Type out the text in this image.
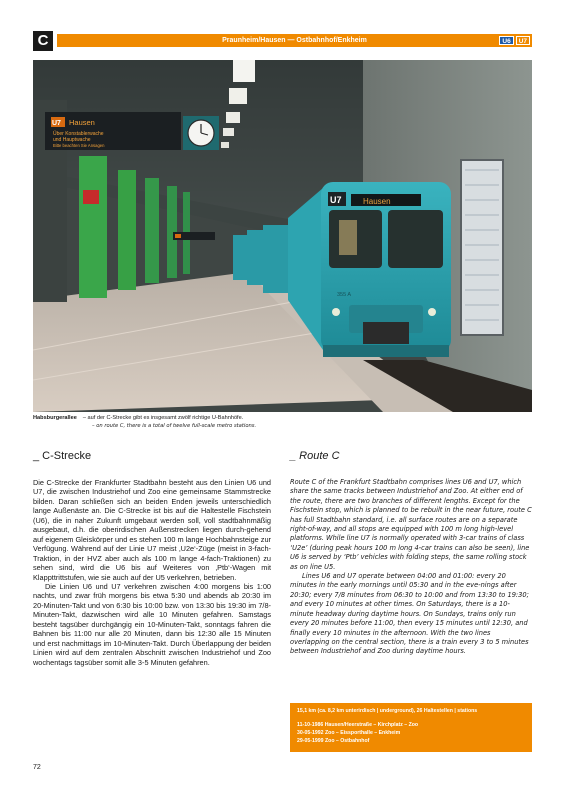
C	Praunheim/Hausen — Ostbahnhof/Enkheim	U6	U7
U7 Hausen
Über Konstablerwache
und Hauptwache
Bitte beachten Sie Ansagen
U7	Hausen
355 A
Habsburgerallee – auf der C-Strecke gibt es insgesamt zwölf richtige U-Bahnhöfe.
– on route C, there is a total of twelve full-scale metro stations.
_ C-Strecke	_ Route C

Die C-Strecke der Frankfurter Stadtbahn besteht aus den Linien U6 und U7, die zwischen Industriehof und Zoo eine gemeinsame Stammstrecke bilden. Daran schließen sich an beiden Enden jeweils unterschiedlich lange Außenäste an. Die C-Strecke ist bis auf die Haltestelle Fischstein (U6), die in naher Zukunft umgebaut werden soll, voll stadtbahnmäßig ausgebaut, d.h. die oberirdischen Außenstrecken liegen durch-gehend auf eigenem Gleiskörper und es stehen 100 m lange Hochbahnsteige zur Verfügung. Während auf der Linie U7 meist ‚U2e‘-Züge (meist in 3-fach-Traktion, in der HVZ aber auch als 100 m lange 4-fach-Traktionen) zu sehen sind, wird die U6 bis auf Weiteres von ‚Ptb‘-Wagen mit Klappttrittstufen, wie sie auch auf der U5 verkehren, betrieben.

Die Linien U6 und U7 verkehren zwischen 4:00 morgens bis 1:00 nachts, und zwar früh morgens bis etwa 5:30 und abends ab 20:30 im 20-Minuten-Takt und von 6:30 bis 10:00 bzw. von 13:30 bis 19:30 im 7/8-Minuten-Takt, dazwischen wird alle 10 Minuten gefahren. Samstags besteht tagsüber durchgängig ein 10-Minuten-Takt, sonntags fahren die Bahnen bis 11:00 nur alle 20 Minuten, dann bis 12:30 alle 15 Minuten und erst nachmittags im 10-Minuten-Takt. Durch Überlappung der beiden Linien wird auf dem zentralen Abschnitt zwischen Industriehof und Zoo wochentags tagsüber somit alle 3-5 Minuten gefahren.

Route C of the Frankfurt Stadtbahn comprises lines U6 and U7, which share the same tracks between Industriehof and Zoo. At either end of the route, there are two branches of different lengths. Except for the Fischstein stop, which is planned to be rebuilt in the near future, route C has full Stadtbahn standard, i.e. all surface routes are on a separate right-of-way, and all stops are equipped with 100 m long high-level platforms. While line U7 is normally operated with 3-car trains of class ‘U2e’ (during peak hours 100 m long 4-car trains can also be seen), line U6 is served by ‘Ptb’ vehicles with folding steps, the same rolling stock as on line U5.

Lines U6 and U7 operate between 04:00 and 01:00: every 20 minutes in the early mornings until 05:30 and in the eve-nings after 20:30; every 7/8 minutes from 06:30 to 10:00 and from 13:30 to 19:30; and every 10 minutes at other times. On Saturdays, there is a 10-minute headway during daytime hours. On Sundays, trains only run every 20 minutes before 11:00, then every 15 minutes until 12:30, and finally every 10 minutes in the afternoon. With the two lines overlapping on the central section, there is a train every 3 to 5 minutes between Industriehof and Zoo during daytime hours.

15,1 km (ca. 8,2 km unterirdisch | underground), 26 Haltestellen | stations
11-10-1986 Hausen/Heerstraße – Kirchplatz – Zoo
30-05-1992 Zoo – Eissporthalle – Enkheim
29-05-1999 Zoo – Ostbahnhof
72
